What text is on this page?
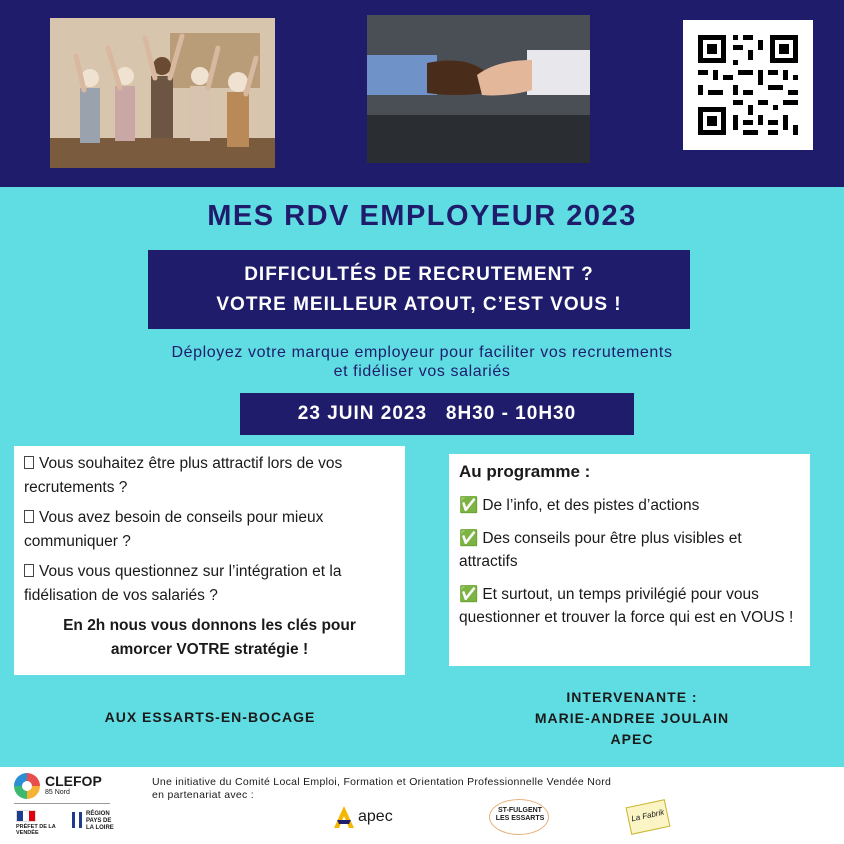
MES RDV EMPLOYEUR 2023
DIFFICULTÉS DE RECRUTEMENT ?
VOTRE MEILLEUR ATOUT, C’EST VOUS !
Déployez votre marque employeur pour faciliter vos recrutements
et fidéliser vos salariés
23 JUIN 2023   8H30 - 10H30
Vous souhaitez être plus attractif lors de vos recrutements ?
Vous avez besoin de conseils pour mieux communiquer ?
Vous vous questionnez sur l’intégration et la fidélisation de vos salariés ?
En 2h nous vous donnons les clés pour
amorcer VOTRE stratégie !
Au programme :
✅ De l’info, et des pistes d’actions
✅ Des conseils pour être plus visibles et attractifs
✅ Et surtout, un temps privilégié pour vous questionner et trouver la force qui est en VOUS !
AUX ESSARTS-EN-BOCAGE
INTERVENANTE :
MARIE-ANDREE JOULAIN
APEC
CLEFOP
85 Nord
PRÉFET DE LA VENDÉE
RÉGION PAYS DE LA LOIRE
Une initiative du Comité Local Emploi, Formation et Orientation Professionnelle Vendée Nord
en partenariat avec :
apec	ST-FULGENT LES ESSARTS	La Fabrik
